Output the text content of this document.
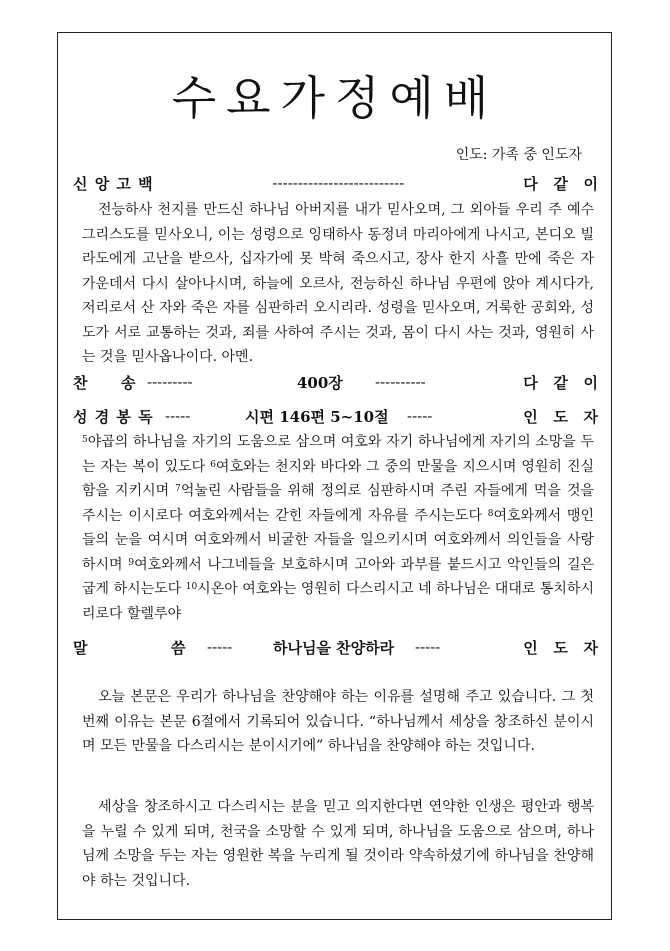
수요가정예배
인도: 가족 중 인도자
신 앙 고 백	--------------------------	다   같   이
전능하사 천지를 만드신 하나님 아버지를 내가 믿사오며, 그 외아들 우리 주 예수 그리스도를 믿사오니, 이는 성령으로 잉태하사 동정녀 마리아에게 나시고, 본디오 빌라도에게 고난을 받으사, 십자가에 못 박혀 죽으시고, 장사 한지 사흘 만에 죽은 자 가운데서 다시 살아나시며, 하늘에 오르사, 전능하신 하나님 우편에 앉아 계시다가, 저리로서 산 자와 죽은 자를 심판하러 오시리라. 성령을 믿사오며, 거룩한 공회와, 성도가 서로 교통하는 것과, 죄를 사하여 주시는 것과, 몸이 다시 사는 것과, 영원히 사는 것을 믿사옵나이다. 아멘.
찬	송 ---------	400장	----------	다   같   이
성 경 봉 독 -----	시편 146편 5~10절	-----	인   도   자
$^5$야곱의 하나님을 자기의 도움으로 삼으며 여호와 자기 하나님에게 자기의 소망을 두는 자는 복이 있도다 $^6$여호와는 천지와 바다와 그 중의 만물을 지으시며 영원히 진실함을 지키시며 $^7$억눌린 사람들을 위해 정의로 심판하시며 주린 자들에게 먹을 것을 주시는 이시로다 여호와께서는 갇힌 자들에게 자유를 주시는도다 $^8$여호와께서 맹인들의 눈을 여시며 여호와께서 비굴한 자들을 일으키시며 여호와께서 의인들을 사랑하시며 $^9$여호와께서 나그네들을 보호하시며 고아와 과부를 붙드시고 악인들의 길은 굽게 하시는도다 $^{10}$시온아 여호와는 영원히 다스리시고 네 하나님은 대대로 통치하시리로다 할렐루야
말	씀	-----	하나님을 찬양하라	-----	인   도   자
오늘 본문은 우리가 하나님을 찬양해야 하는 이유를 설명해 주고 있습니다. 그 첫 번째 이유는 본문 6절에서 기록되어 있습니다. “하나님께서 세상을 창조하신 분이시며 모든 만물을 다스리시는 분이시기에” 하나님을 찬양해야 하는 것입니다.
세상을 창조하시고 다스리시는 분을 믿고 의지한다면 연약한 인생은 평안과 행복을 누릴 수 있게 되며, 천국을 소망할 수 있게 되며, 하나님을 도움으로 삼으며, 하나님께 소망을 두는 자는 영원한 복을 누리게 될 것이라 약속하셨기에 하나님을 찬양해야 하는 것입니다.
